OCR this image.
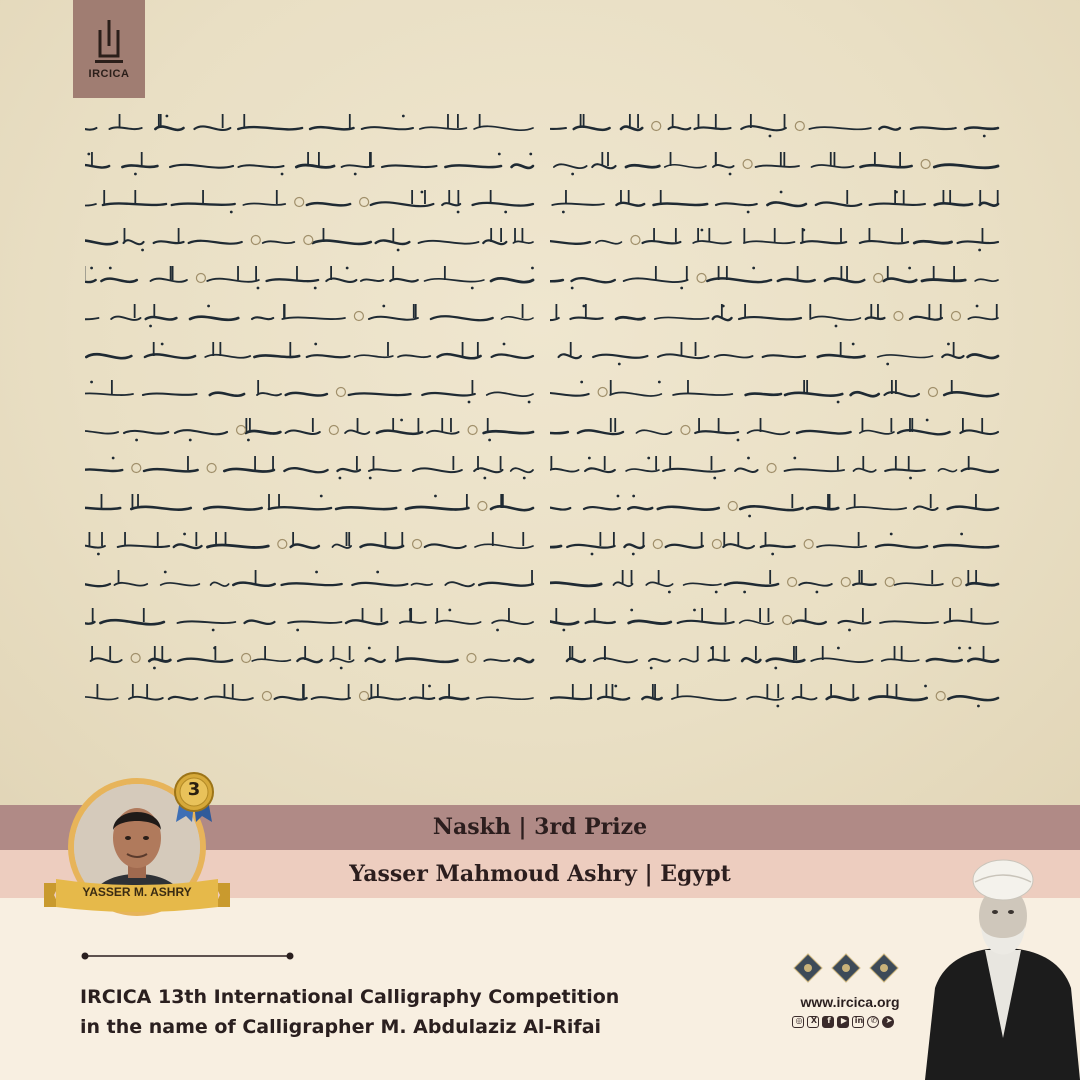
IRCICA
Naskh | 3rd Prize
Yasser Mahmoud Ashry | Egypt
3
YASSER M. ASHRY
IRCICA 13th International Calligraphy Competition
in the name of Calligrapher M. Abdulaziz Al-Rifai
www.ircica.org
◎	X	f	▶ in ✆	➤
